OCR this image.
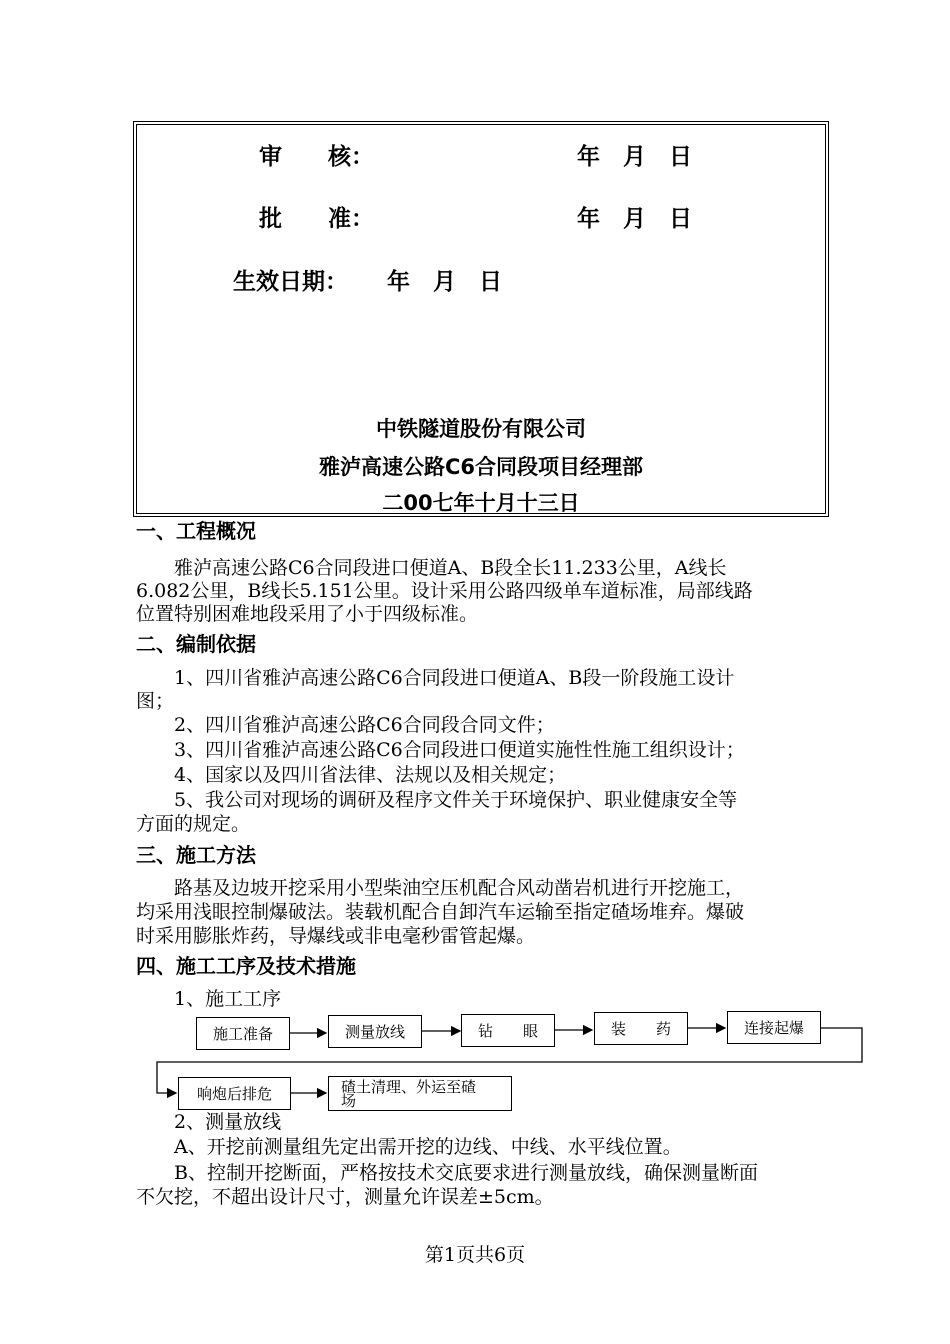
审　　核：	年　月　日
批　　准：	年　月　日
生效日期： 年　月　日
中铁隧道股份有限公司
雅泸高速公路C6合同段项目经理部
二00七年十月十三日
一、工程概况
　　雅泸高速公路C6合同段进口便道A、B段全长11.233公里，A线长
6.082公里，B线长5.151公里。设计采用公路四级单车道标准，局部线路
位置特别困难地段采用了小于四级标准。
二、编制依据
　　1、四川省雅泸高速公路C6合同段进口便道A、B段一阶段施工设计
图；
　　2、四川省雅泸高速公路C6合同段合同文件；
　　3、四川省雅泸高速公路C6合同段进口便道实施性性施工组织设计；
　　4、国家以及四川省法律、法规以及相关规定；
　　5、我公司对现场的调研及程序文件关于环境保护、职业健康安全等
方面的规定。
三、施工方法
　　路基及边坡开挖采用小型柴油空压机配合风动凿岩机进行开挖施工，
均采用浅眼控制爆破法。装载机配合自卸汽车运输至指定碴场堆弃。爆破
时采用膨胀炸药，导爆线或非电毫秒雷管起爆。
四、施工工序及技术措施
　　1、施工工序
施工准备	测量放线	钻　　眼	装　　药	连接起爆
响炮后排危	碴土清理、外运至碴
场
　　2、测量放线
　　A、开挖前测量组先定出需开挖的边线、中线、水平线位置。
　　B、控制开挖断面，严格按技术交底要求进行测量放线，确保测量断面
不欠挖，不超出设计尺寸，测量允许误差±5cm。
第1页共6页
